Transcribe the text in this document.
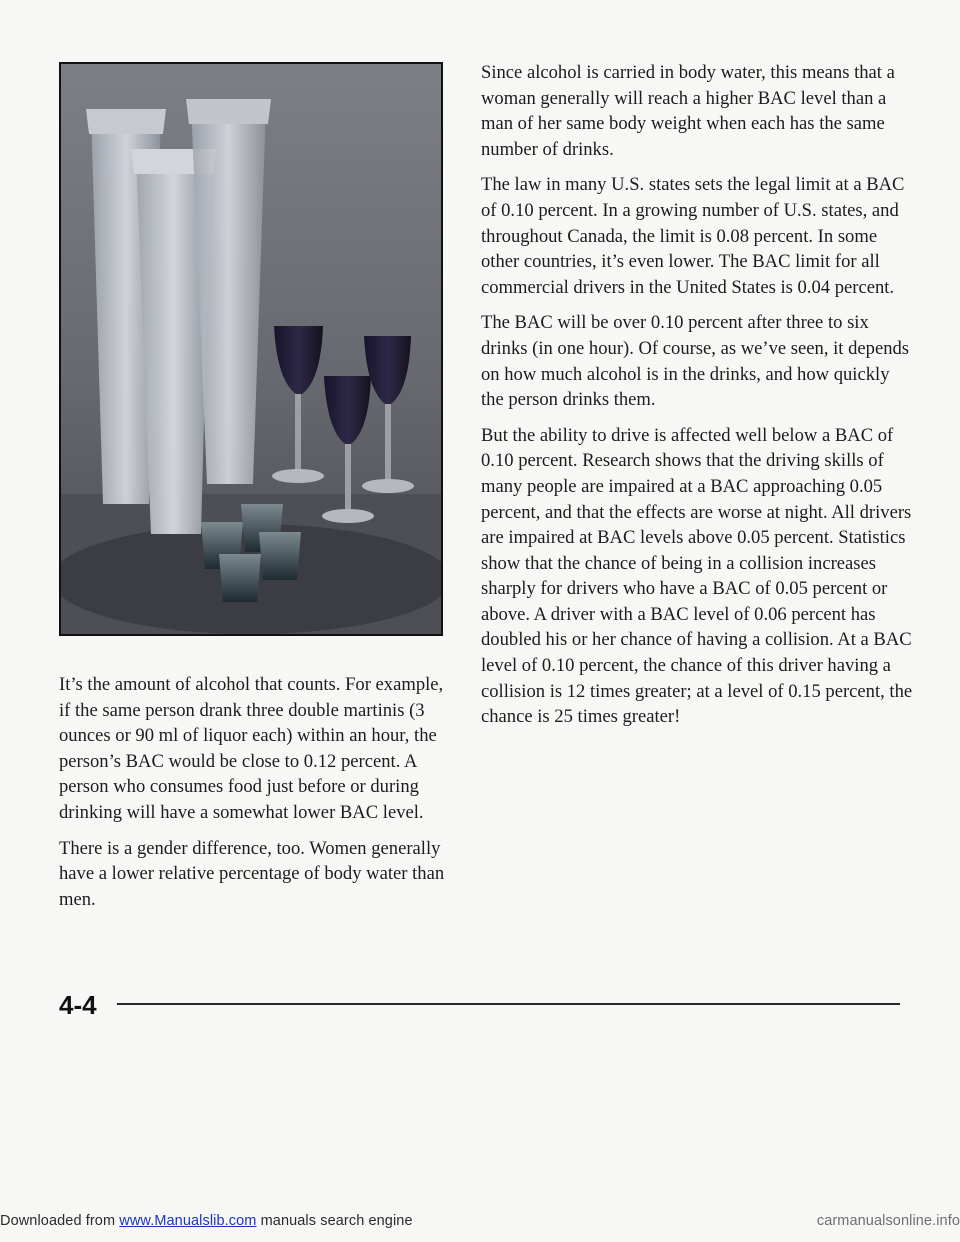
Downloaded from www.Manualslib.com manuals search engine	carmanualsonline.info

It’s the amount of alcohol that counts. For example, if the same person drank three double martinis (3 ounces or 90 ml of liquor each) within an hour, the person’s BAC would be close to 0.12 percent. A person who consumes food just before or during drinking will have a somewhat lower BAC level.

There is a gender difference, too. Women generally have a lower relative percentage of body water than men.

Since alcohol is carried in body water, this means that a woman generally will reach a higher BAC level than a man of her same body weight when each has the same number of drinks.

The law in many U.S. states sets the legal limit at a BAC of 0.10 percent. In a growing number of U.S. states, and throughout Canada, the limit is 0.08 percent. In some other countries, it’s even lower. The BAC limit for all commercial drivers in the United States is 0.04 percent.

The BAC will be over 0.10 percent after three to six drinks (in one hour). Of course, as we’ve seen, it depends on how much alcohol is in the drinks, and how quickly the person drinks them.

But the ability to drive is affected well below a BAC of 0.10 percent. Research shows that the driving skills of many people are impaired at a BAC approaching 0.05 percent, and that the effects are worse at night. All drivers are impaired at BAC levels above 0.05 percent. Statistics show that the chance of being in a collision increases sharply for drivers who have a BAC of 0.05 percent or above. A driver with a BAC level of 0.06 percent has doubled his or her chance of having a collision. At a BAC level of 0.10 percent, the chance of this driver having a collision is 12 times greater; at a level of 0.15 percent, the chance is 25 times greater!

4-4
